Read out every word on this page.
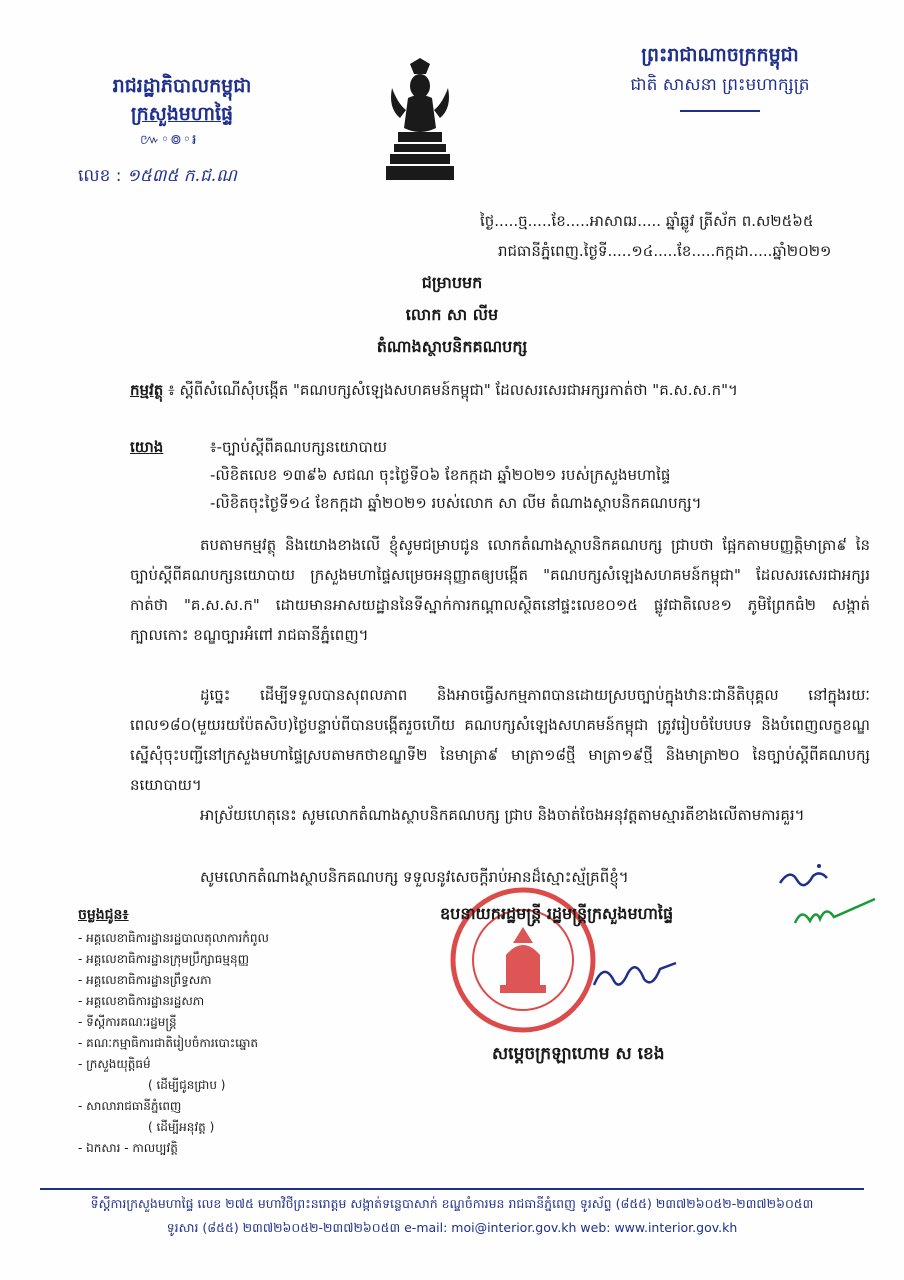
រាជរដ្ឋាភិបាលកម្ពុជា
ក្រសួងមហាផ្ទៃ
៚◦៙◦៛
លេខ : ១៥៣៥ ក.ជ.ណ
ព្រះរាជាណាចក្រកម្ពុជា
ជាតិ សាសនា ព្រះមហាក្សត្រ
ថ្ងៃ.....ច្ម.....ខែ.....អាសាឍ..... ឆ្នាំឆ្លូវ ត្រីស័ក ព.ស២៥៦៥
រាជធានីភ្នំពេញ.ថ្ងៃទី.....១៤.....ខែ.....កក្កដា.....ឆ្នាំ២០២១
ជម្រាបមក
លោក សា លីម
តំណាងស្ថាបនិកគណបក្ស
កម្មវត្ថុ ៖ ស្តីពីសំណើសុំបង្កើត "គណបក្សសំឡេងសហគមន៍កម្ពុជា" ដែលសរសេរជាអក្សរកាត់ថា "គ.ស.ស.ក"។
យោង	៖-ច្បាប់ស្តីពីគណបក្សនយោបាយ
-លិខិតលេខ ១៣៩៦ សជណ ចុះថ្ងៃទី០៦ ខែកក្កដា ឆ្នាំ២០២១ របស់ក្រសួងមហាផ្ទៃ
-លិខិតចុះថ្ងៃទី១៤ ខែកក្កដា ឆ្នាំ២០២១ របស់លោក សា លីម តំណាងស្ថាបនិកគណបក្ស។
តបតាមកម្មវត្ថុ និងយោងខាងលើ ខ្ញុំសូមជម្រាបជូន លោកតំណាងស្ថាបនិកគណបក្ស ជ្រាបថា ផ្អែកតាមបញ្ញត្តិមាត្រា៩ នៃច្បាប់ស្តីពីគណបក្សនយោបាយ ក្រសួងមហាផ្ទៃសម្រេចអនុញ្ញាតឲ្យបង្កើត "គណបក្សសំឡេងសហគមន៍កម្ពុជា" ដែលសរសេរជាអក្សរកាត់ថា "គ.ស.ស.ក" ដោយមានអាសយដ្ឋាននៃទីស្នាក់ការកណ្តាលស្ថិតនៅផ្ទះលេខ០១៥ ផ្លូវជាតិលេខ១ ភូមិព្រែកធំ២ សង្កាត់ក្បាលកោះ ខណ្ឌច្បារអំពៅ រាជធានីភ្នំពេញ។
ដូច្នេះ ដើម្បីទទួលបានសុពលភាព និងអាចធ្វើសកម្មភាពបានដោយស្របច្បាប់ក្នុងឋានៈជានីតិបុគ្គល នៅក្នុងរយៈពេល១៨០(មួយរយប៉ែតសិប)ថ្ងៃបន្ទាប់ពីបានបង្កើតរួចហើយ គណបក្សសំឡេងសហគមន៍កម្ពុជា ត្រូវរៀបចំបែបបទ និងបំពេញលក្ខខណ្ឌស្នើសុំចុះបញ្ជីនៅក្រសួងមហាផ្ទៃស្របតាមកថាខណ្ឌទី២ នៃមាត្រា៩ មាត្រា១៨ថ្មី មាត្រា១៩ថ្មី និងមាត្រា២០ នៃច្បាប់ស្តីពីគណបក្សនយោបាយ។
អាស្រ័យហេតុនេះ សូមលោកតំណាងស្ថាបនិកគណបក្ស ជ្រាប និងចាត់ចែងអនុវត្តតាមស្មារតីខាងលើតាមការគួរ។
សូមលោកតំណាងស្ថាបនិកគណបក្ស ទទួលនូវសេចក្តីរាប់អានដ៏ស្មោះស្ម័គ្រពីខ្ញុំ។
ចម្លងជូន៖
- អគ្គលេខាធិការដ្ឋានរដ្ឋបាលតុលាការកំពូល
- អគ្គលេខាធិការដ្ឋានក្រុមប្រឹក្សាធម្មនុញ្ញ
- អគ្គលេខាធិការដ្ឋានព្រឹទ្ធសភា
- អគ្គលេខាធិការដ្ឋានរដ្ឋសភា
- ទីស្តីការគណៈរដ្ឋមន្ត្រី
- គណៈកម្មាធិការជាតិរៀបចំការបោះឆ្នោត
- ក្រសួងយុត្តិធម៌
( ដើម្បីជូនជ្រាប )
- សាលារាជធានីភ្នំពេញ
( ដើម្បីអនុវត្ត )
- ឯកសារ - កាលប្បវត្តិ
ឧបនាយករដ្ឋមន្ត្រី រដ្ឋមន្ត្រីក្រសួងមហាផ្ទៃ
សម្តេចក្រឡាហោម ស ខេង
ទីស្តីការក្រសួងមហាផ្ទៃ លេខ ២៧៥ មហាវិថីព្រះនរោត្តម សង្កាត់ទន្លេបាសាក់ ខណ្ឌចំការមន រាជធានីភ្នំពេញ ទូរស័ព្ទ (៨៥៥) ២៣៧២៦០៥២-២៣៧២៦០៥៣
ទូរសារ (៨៥៥) ២៣៧២៦០៥២-២៣៧២៦០៥៣ e-mail: moi@interior.gov.kh web: www.interior.gov.kh
